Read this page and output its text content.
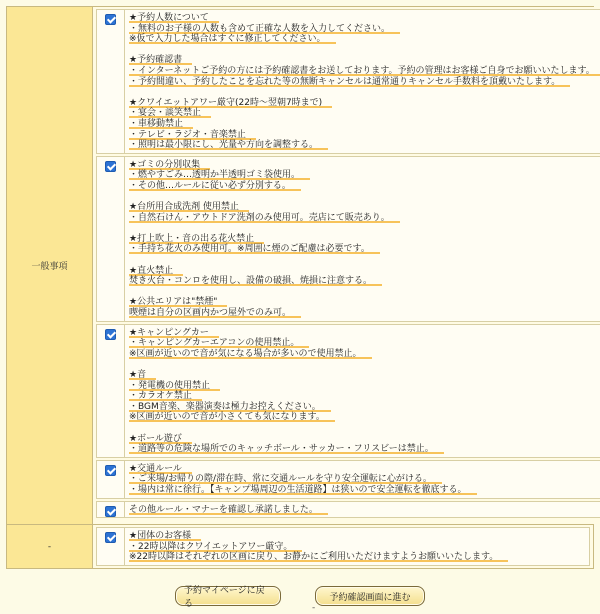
一般事項
★予約人数について
・無料のお子様の人数も含めて正確な人数を入力してください。
※仮で入力した場合はすぐに修正してください。
★予約確認書
・インターネットご予約の方には予約確認書をお送しております。予約の管理はお客様ご自身でお願いいたします。
・予約間違い、予約したことを忘れた等の無断キャンセルは通常通りキャンセル手数料を頂戴いたします。
★クワイエットアワー厳守(22時～翌朝7時まで)
・宴会・談笑禁止
・車移動禁止
・テレビ・ラジオ・音楽禁止
・照明は最小限にし、光量や方向を調整する。
★ゴミの分別収集
・燃やすごみ…透明か半透明ゴミ袋使用。
・その他…ルールに従い必ず分別する。
★台所用合成洗剤 使用禁止
・自然石けん・アウトドア洗剤のみ使用可。売店にて販売あり。
★打上吹上・音の出る花火禁止
・手持ち花火のみ使用可。※周囲に煙のご配慮は必要です。
★直火禁止
焚き火台・コンロを使用し、設備の破損、焼損に注意する。
★公共エリアは"禁煙"
喫煙は自分の区画内かつ屋外でのみ可。
★キャンピングカー
・キャンピングカーエアコンの使用禁止。
※区画が近いので音が気になる場合が多いので使用禁止。
★音
・発電機の使用禁止
・カラオケ禁止
・BGM音楽、楽器演奏は極力お控えください。
※区画が近いので音が小さくても気になります。
★ボール遊び
・道路等の危険な場所でのキャッチボール・サッカー・フリスビーは禁止。
★交通ルール
・ご来場/お帰りの際/滞在時、常に交通ルールを守り安全運転に心がける。
・場内は常に徐行。【キャンプ場周辺の生活道路】は狭いので安全運転を徹底する。
その他ルール・マナーを確認し承諾しました。
-
★団体のお客様
・22時以降はクワイエットアワー厳守。
※22時以降はそれぞれの区画に戻り、お静かにご利用いただけますようお願いいたします。
予約マイページに戻る
予約確認画面に進む
-
